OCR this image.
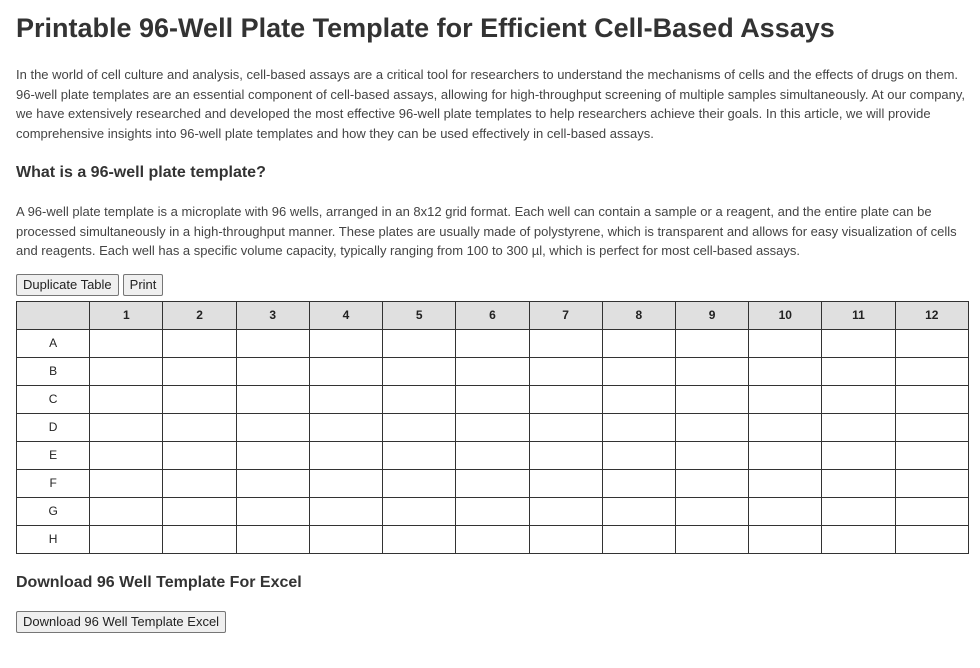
Printable 96-Well Plate Template for Efficient Cell-Based Assays

In the world of cell culture and analysis, cell-based assays are a critical tool for researchers to understand the mechanisms of cells and the effects of drugs on them. 96-well plate templates are an essential component of cell-based assays, allowing for high-throughput screening of multiple samples simultaneously. At our company, we have extensively researched and developed the most effective 96-well plate templates to help researchers achieve their goals. In this article, we will provide comprehensive insights into 96-well plate templates and how they can be used effectively in cell-based assays.

What is a 96-well plate template?

A 96-well plate template is a microplate with 96 wells, arranged in an 8x12 grid format. Each well can contain a sample or a reagent, and the entire plate can be processed simultaneously in a high-throughput manner. These plates are usually made of polystyrene, which is transparent and allows for easy visualization of cells and reagents. Each well has a specific volume capacity, typically ranging from 100 to 300 µl, which is perfect for most cell-based assays.

Duplicate Table	Print
	1	2	3	4	5	6	7	8	9	10	11	12
A												
B												
C												
D												
E												
F												
G												
H												
Download 96 Well Template For Excel
Download 96 Well Template Excel
